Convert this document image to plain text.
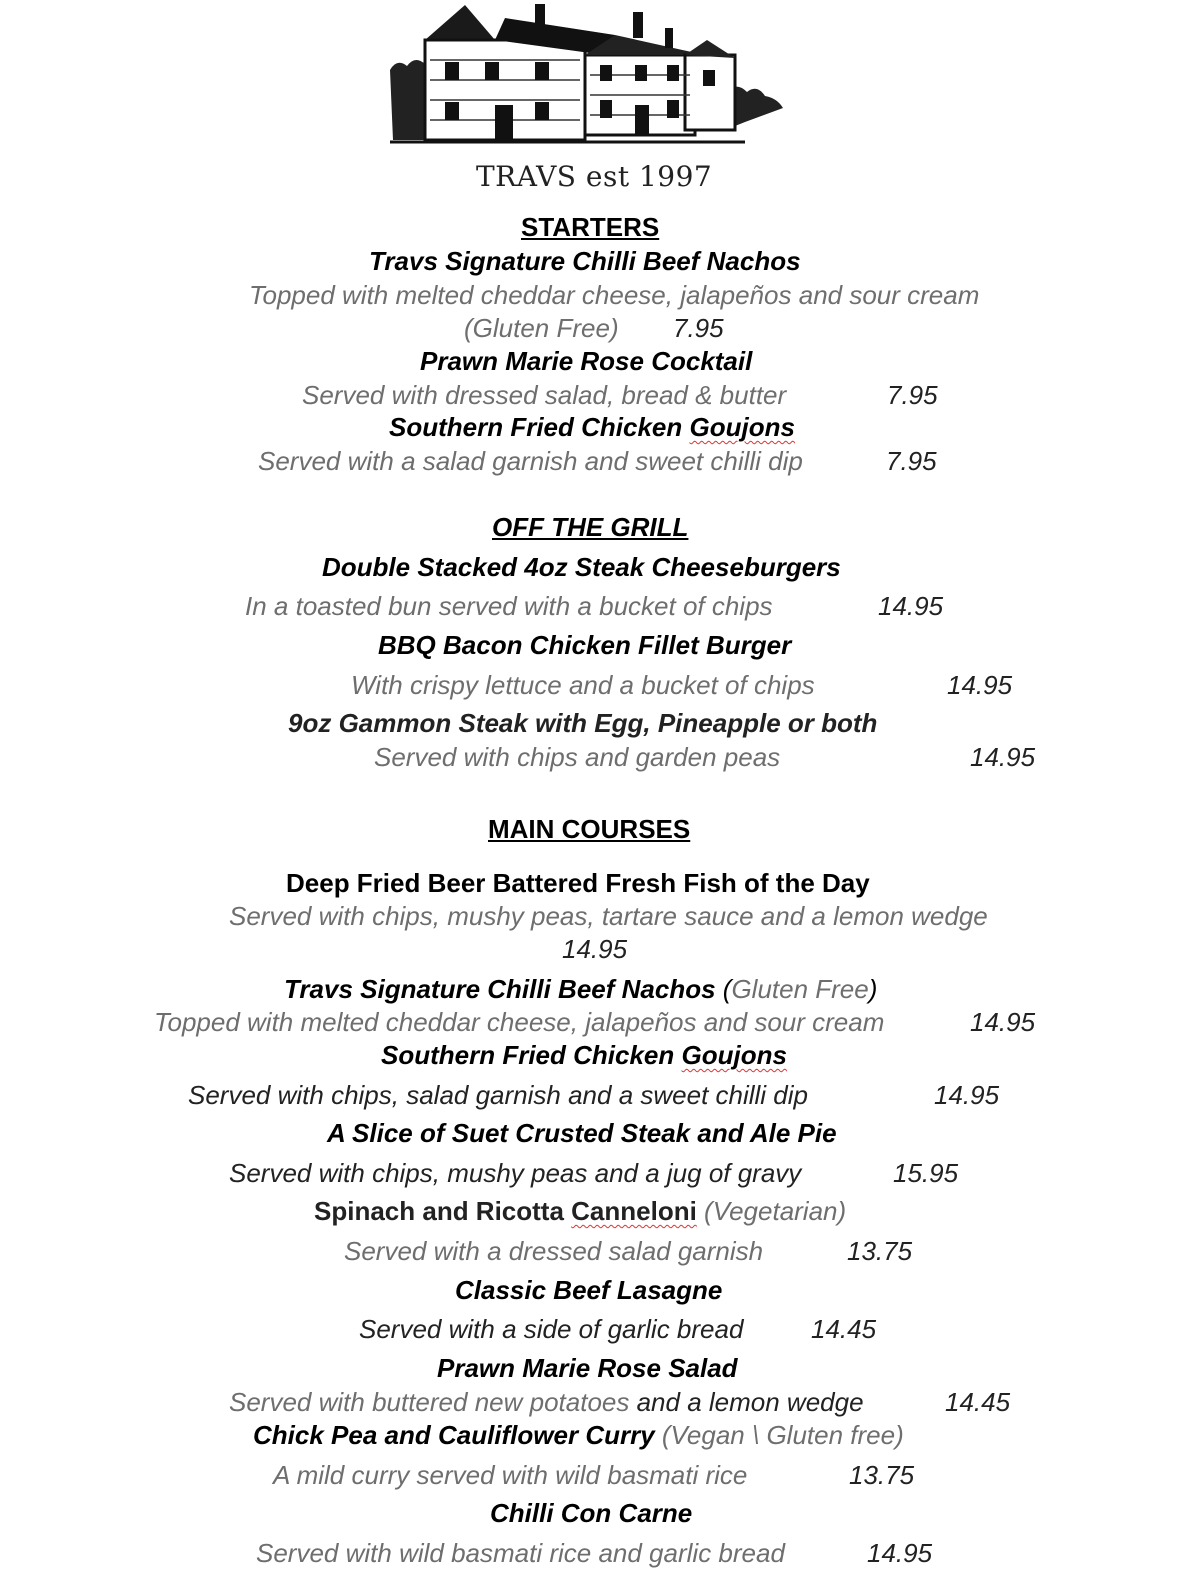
TRAVS est 1997
STARTERS
Travs Signature Chilli Beef Nachos
Topped with melted cheddar cheese, jalapeños and sour cream
(Gluten Free) 7.95
Prawn Marie Rose Cocktail
Served with dressed salad, bread & butter	7.95
Southern Fried Chicken Goujons
Served with a salad garnish and sweet chilli dip	7.95
OFF THE GRILL
Double Stacked 4oz Steak Cheeseburgers
In a toasted bun served with a bucket of chips	14.95
BBQ Bacon Chicken Fillet Burger
With crispy lettuce and a bucket of chips	14.95
9oz Gammon Steak with Egg, Pineapple or both
Served with chips and garden peas	14.95
MAIN COURSES
Deep Fried Beer Battered Fresh Fish of the Day
Served with chips, mushy peas, tartare sauce and a lemon wedge
14.95
Travs Signature Chilli Beef Nachos (Gluten Free)
Topped with melted cheddar cheese, jalapeños and sour cream	14.95
Southern Fried Chicken Goujons
Served with chips, salad garnish and a sweet chilli dip	14.95
A Slice of Suet Crusted Steak and Ale Pie
Served with chips, mushy peas and a jug of gravy	15.95
Spinach and Ricotta Canneloni (Vegetarian)
Served with a dressed salad garnish	13.75
Classic Beef Lasagne
Served with a side of garlic bread	14.45
Prawn Marie Rose Salad
Served with buttered new potatoes and a lemon wedge	14.45
Chick Pea and Cauliflower Curry (Vegan \ Gluten free)
A mild curry served with wild basmati rice	13.75
Chilli Con Carne
Served with wild basmati rice and garlic bread	14.95
